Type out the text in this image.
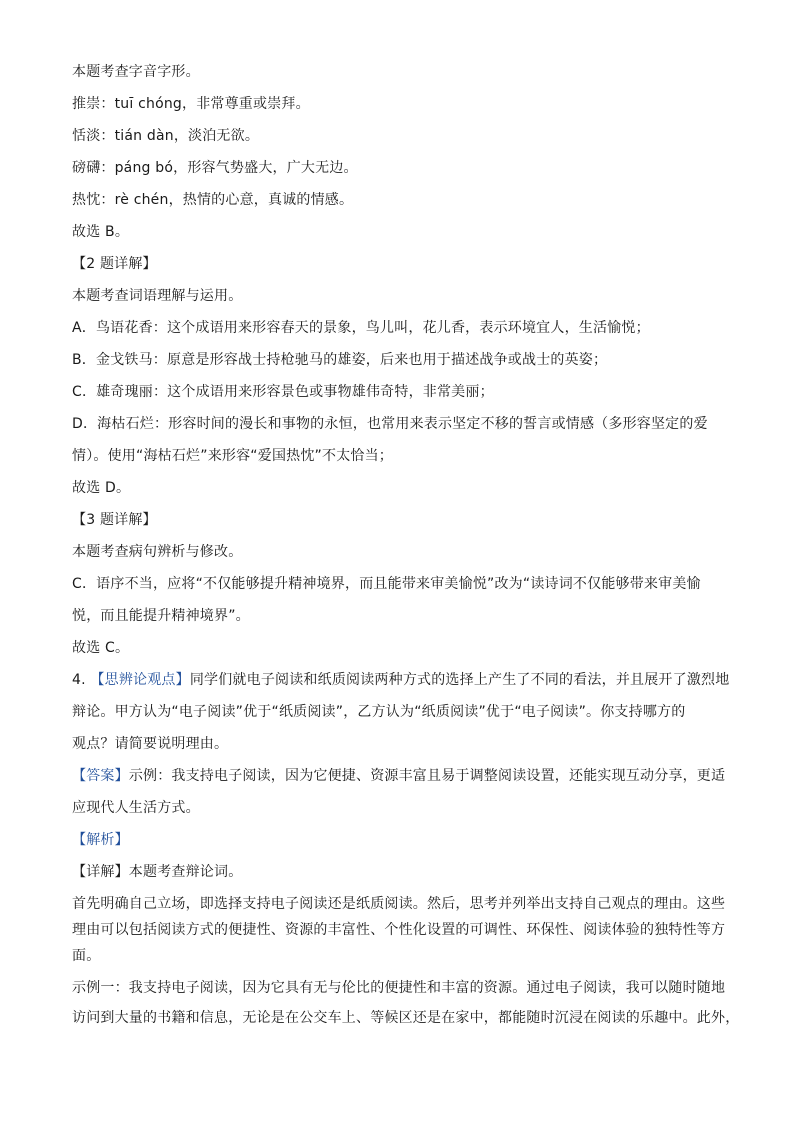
本题考查字音字形。
推崇：tuī chóng，非常尊重或崇拜。
恬淡：tián dàn，淡泊无欲。
磅礴：páng bó，形容气势盛大，广大无边。
热忱：rè chén，热情的心意，真诚的情感。
故选 B。
【2 题详解】
本题考查词语理解与运用。
A．鸟语花香：这个成语用来形容春天的景象，鸟儿叫，花儿香，表示环境宜人，生活愉悦；
B．金戈铁马：原意是形容战士持枪驰马的雄姿，后来也用于描述战争或战士的英姿；
C．雄奇瑰丽：这个成语用来形容景色或事物雄伟奇特，非常美丽；
D．海枯石烂：形容时间的漫长和事物的永恒，也常用来表示坚定不移的誓言或情感（多形容坚定的爱
情）。使用“海枯石烂”来形容“爱国热忱”不太恰当；
故选 D。
【3 题详解】
本题考查病句辨析与修改。
C．语序不当，应将“不仅能够提升精神境界，而且能带来审美愉悦”改为“读诗词不仅能够带来审美愉
悦，而且能提升精神境界”。
故选 C。
4. 【思辨论观点】同学们就电子阅读和纸质阅读两种方式的选择上产生了不同的看法，并且展开了激烈地
辩论。甲方认为“电子阅读”优于“纸质阅读”，乙方认为“纸质阅读”优于“电子阅读”。你支持哪方的
观点？请简要说明理由。
【答案】示例：我支持电子阅读，因为它便捷、资源丰富且易于调整阅读设置，还能实现互动分享，更适
应现代人生活方式。
【解析】
【详解】本题考查辩论词。
首先明确自己立场，即选择支持电子阅读还是纸质阅读。然后，思考并列举出支持自己观点的理由。这些
理由可以包括阅读方式的便捷性、资源的丰富性、个性化设置的可调性、环保性、阅读体验的独特性等方
面。
示例一：我支持电子阅读，因为它具有无与伦比的便捷性和丰富的资源。通过电子阅读，我可以随时随地
访问到大量的书籍和信息，无论是在公交车上、等候区还是在家中，都能随时沉浸在阅读的乐趣中。此外，
